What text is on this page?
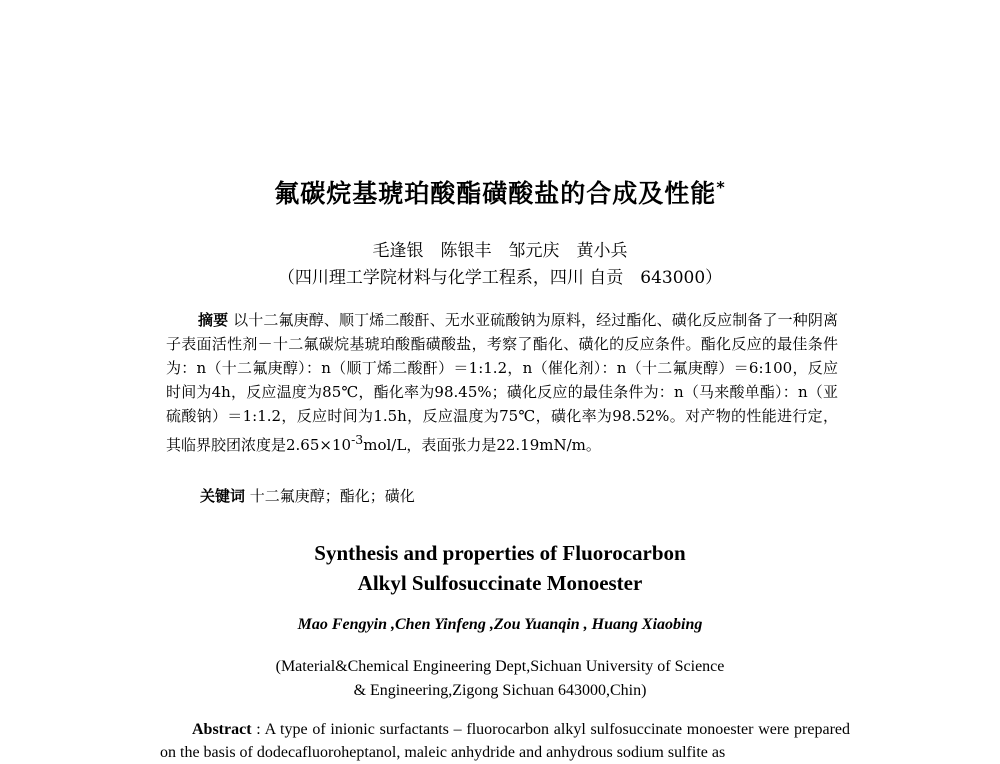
氟碳烷基琥珀酸酯磺酸盐的合成及性能*
毛逢银　陈银丰　邹元庆　黄小兵
（四川理工学院材料与化学工程系，四川 自贡　643000）
摘要 以十二氟庚醇、顺丁烯二酸酐、无水亚硫酸钠为原料，经过酯化、磺化反应制备了一种阴离子表面活性剂－十二氟碳烷基琥珀酸酯磺酸盐，考察了酯化、磺化的反应条件。酯化反应的最佳条件为：n（十二氟庚醇）：n（顺丁烯二酸酐）＝1:1.2，n（催化剂）：n（十二氟庚醇）＝6:100，反应时间为4h，反应温度为85℃，酯化率为98.45%；磺化反应的最佳条件为：n（马来酸单酯）：n（亚硫酸钠）＝1:1.2，反应时间为1.5h，反应温度为75℃，磺化率为98.52%。对产物的性能进行定，其临界胶团浓度是$2.65\times 10^{-3}mol/L$，表面张力是22.19mN/m。
关键词 十二氟庚醇；酯化；磺化
Synthesis and properties of Fluorocarbon
Alkyl Sulfosuccinate Monoester
Mao Fengyin ,Chen Yinfeng ,Zou Yuanqin , Huang Xiaobing
(Material&Chemical Engineering Dept,Sichuan University of Science
& Engineering,Zigong Sichuan 643000,Chin)
Abstract : A type of inionic surfactants – fluorocarbon alkyl sulfosuccinate monoester were prepared on the basis of dodecafluoroheptanol, maleic anhydride and anhydrous sodium sulfite as
